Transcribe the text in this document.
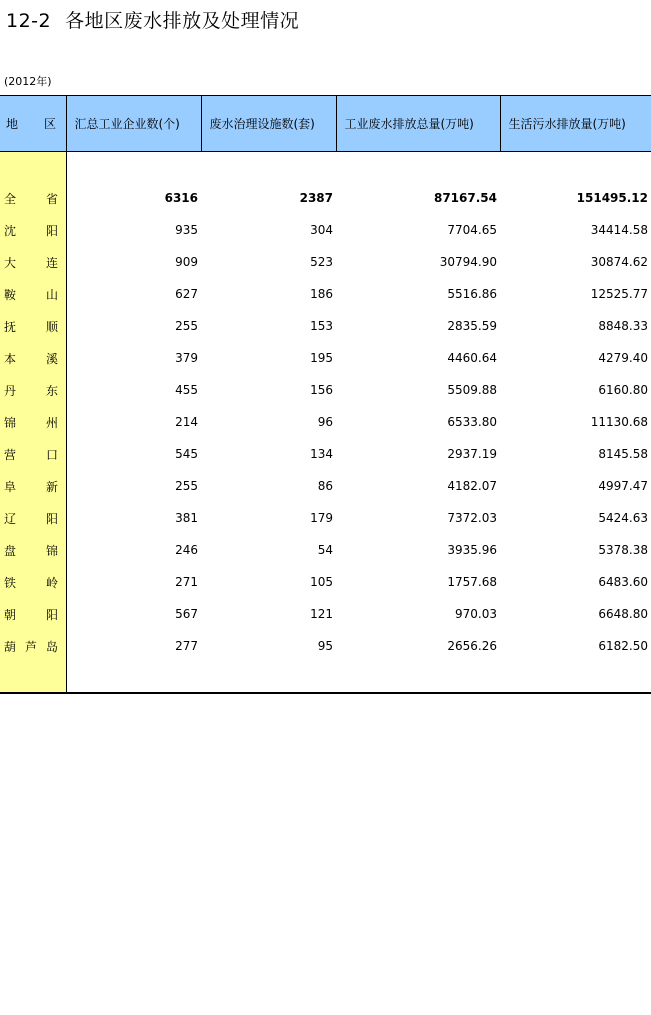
12-2 各地区废水排放及处理情况
(2012年)
地 区	汇总工业企业数(个)	废水治理设施数(套)	工业废水排放总量(万吨)	生活污水排放量(万吨)

全 省	6316	2387	87167.54	151495.12
沈 阳	935	304	7704.65	34414.58
大 连	909	523	30794.90	30874.62
鞍 山	627	186	5516.86	12525.77
抚 顺	255	153	2835.59	8848.33
本 溪	379	195	4460.64	4279.40
丹 东	455	156	5509.88	6160.80
锦 州	214	96	6533.80	11130.68
营 口	545	134	2937.19	8145.58
阜 新	255	86	4182.07	4997.47
辽 阳	381	179	7372.03	5424.63
盘 锦	246	54	3935.96	5378.38
铁 岭	271	105	1757.68	6483.60
朝 阳	567	121	970.03	6648.80
葫芦岛	277	95	2656.26	6182.50
